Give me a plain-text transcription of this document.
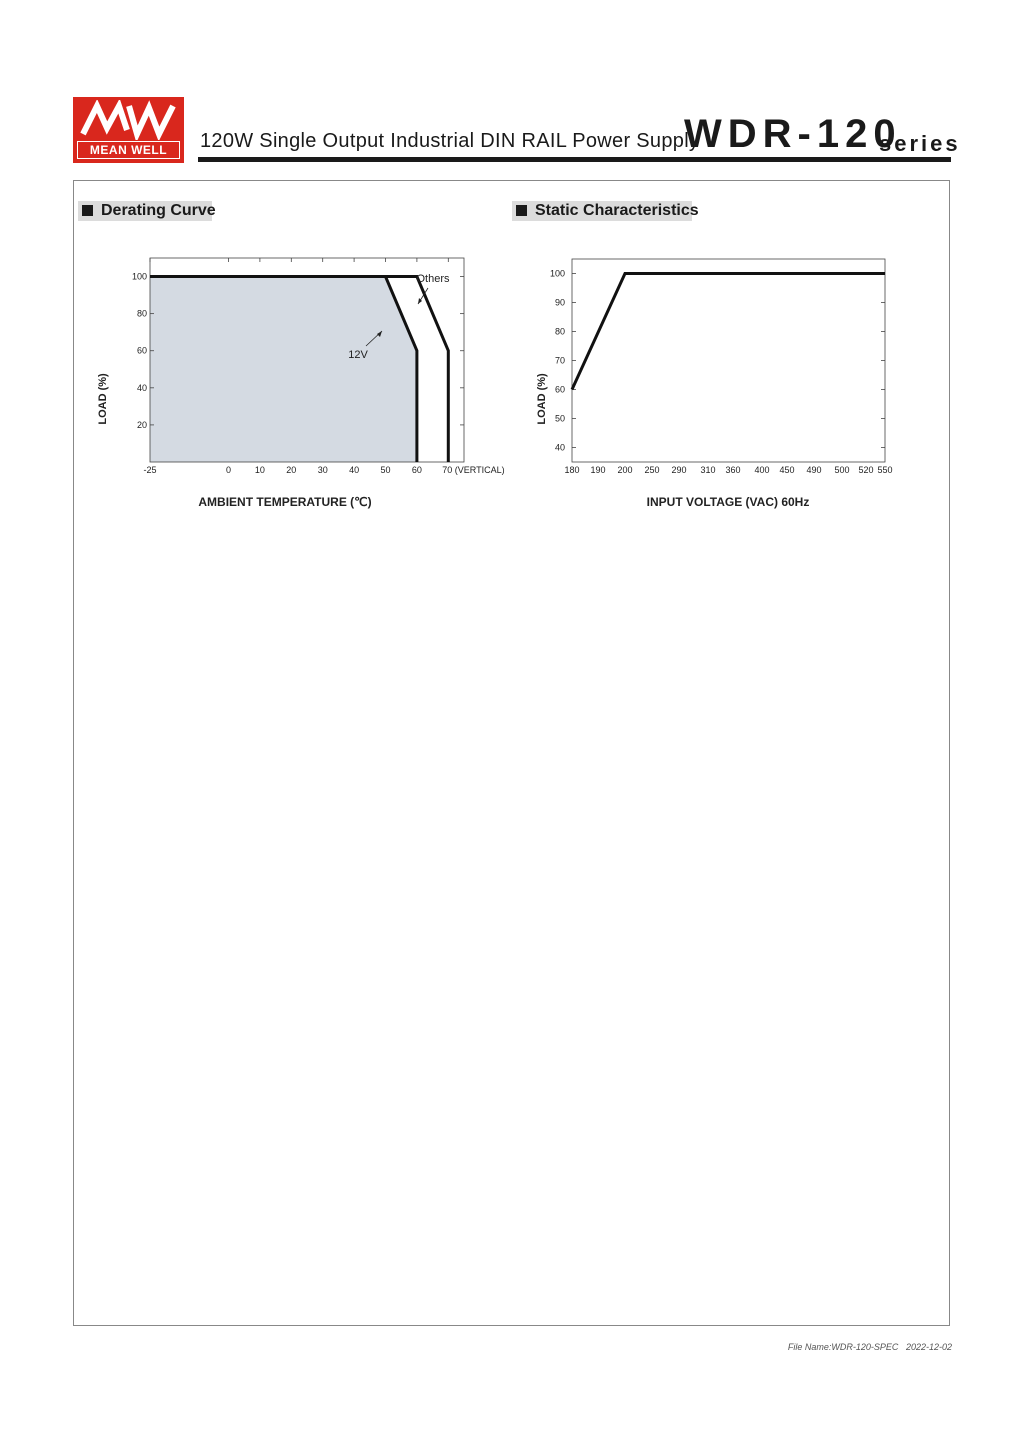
MEAN WELL	120W Single Output Industrial DIN RAIL Power Supply
WDR-120
series
Derating Curve	Static Characteristics
20
40
60
80
100
-25	0	10 20 30 40 50 60 70 (VERTICAL)
Others
12V
AMBIENT TEMPERATURE (℃)
LOAD (%)
40
50
60
70
80
90
100
180 190 200 250 290 310 360 400 450 490 500 520 550
INPUT VOLTAGE (VAC) 60Hz
LOAD (%)
File Name:WDR-120-SPEC 2022-12-02
